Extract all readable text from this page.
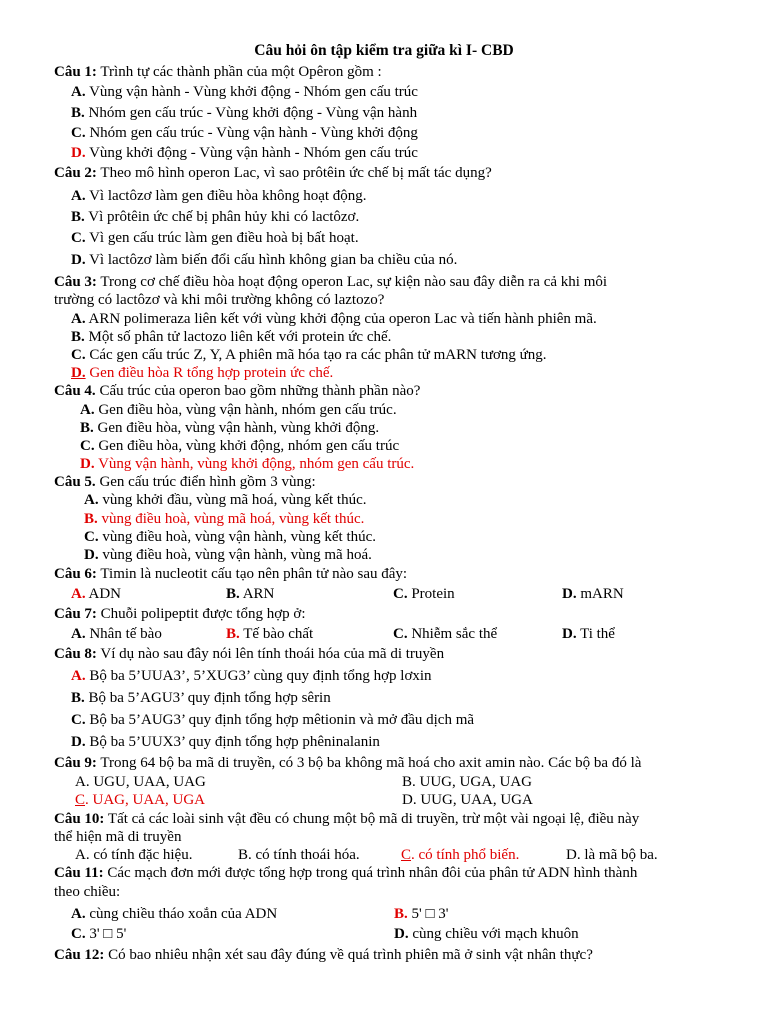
Câu hỏi ôn tập kiểm tra giữa kì I- CBD
Câu 1: Trình tự các thành phần của một Opêron gồm :
A. Vùng vận hành - Vùng khởi động - Nhóm gen cấu trúc
B. Nhóm gen cấu trúc - Vùng khởi động - Vùng vận hành
C. Nhóm gen cấu trúc - Vùng vận hành - Vùng khởi động
D. Vùng khởi động - Vùng vận hành - Nhóm gen cấu trúc
Câu 2: Theo mô hình operon Lac, vì sao prôtêin ức chế bị mất tác dụng?
A. Vì lactôzơ làm gen điều hòa không hoạt động.
B. Vì prôtêin ức chế bị phân hủy khi có lactôzơ.
C. Vì gen cấu trúc làm gen điều hoà bị bất hoạt.
D. Vì lactôzơ làm biến đổi cấu hình không gian ba chiều của nó.
Câu 3: Trong cơ chế điều hòa hoạt động operon Lac, sự kiện nào sau đây diễn ra cả khi môi
trường có lactôzơ và khi môi trường không có laztozo?
A. ARN polimeraza liên kết với vùng khởi động của operon Lac và tiến hành phiên mã.
B. Một số phân tử lactozo liên kết với protein ức chế.
C. Các gen cấu trúc Z, Y, A phiên mã hóa tạo ra các phân tử mARN tương ứng.
D. Gen điều hòa R tổng hợp protein ức chế.
Câu 4. Cấu trúc của operon bao gồm những thành phần nào?
A. Gen điều hòa, vùng vận hành, nhóm gen cấu trúc.
B. Gen điều hòa, vùng vận hành, vùng khởi động.
C. Gen điều hòa, vùng khởi động, nhóm gen cấu trúc
D. Vùng vận hành, vùng khởi động, nhóm gen cấu trúc.
Câu 5. Gen cấu trúc điển hình gồm 3 vùng:
A. vùng khởi đầu, vùng mã hoá, vùng kết thúc.
B. vùng điều hoà, vùng mã hoá, vùng kết thúc.
C. vùng điều hoà, vùng vận hành, vùng kết thúc.
D. vùng điều hoà, vùng vận hành, vùng mã hoá.
Câu 6: Timin là nucleotit cấu tạo nên phân tử nào sau đây:
A. ADN	B. ARN	C. Protein	D. mARN
Câu 7: Chuỗi polipeptit được tổng hợp ở:
A. Nhân tế bào	B. Tế bào chất	C. Nhiễm sắc thể	D. Ti thể
Câu 8: Ví dụ nào sau đây nói lên tính thoái hóa của mã di truyền
A. Bộ ba 5’UUA3’, 5’XUG3’ cùng quy định tổng hợp lơxin
B. Bộ ba 5’AGU3’ quy định tổng hợp sêrin
C. Bộ ba 5’AUG3’ quy định tổng hợp mêtionin và mở đầu dịch mã
D. Bộ ba 5’UUX3’ quy định tổng hợp phêninalanin
Câu 9: Trong 64 bộ ba mã di truyền, có 3 bộ ba không mã hoá cho axit amin nào. Các bộ ba đó là
A. UGU, UAA, UAG	B. UUG, UGA, UAG
C. UAG, UAA, UGA	D. UUG, UAA, UGA
Câu 10: Tất cả các loài sinh vật đều có chung một bộ mã di truyền, trừ một vài ngoại lệ, điều này
thể hiện mã di truyền
A. có tính đặc hiệu.	B. có tính thoái hóa.	C. có tính phổ biến.	D. là mã bộ ba.
Câu 11: Các mạch đơn mới được tổng hợp trong quá trình nhân đôi của phân tử ADN hình thành
theo chiều:
A. cùng chiều tháo xoắn của ADN	B. 5' □ 3'
C. 3' □ 5'	D. cùng chiều với mạch khuôn
Câu 12: Có bao nhiêu nhận xét sau đây đúng về quá trình phiên mã ở sinh vật nhân thực?
